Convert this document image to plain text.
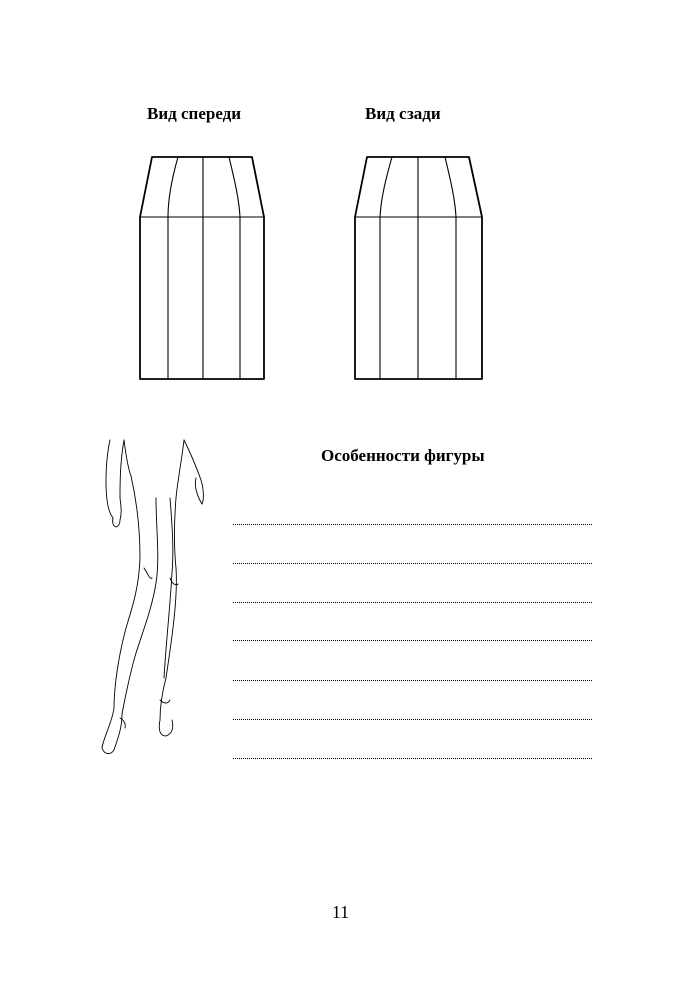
Вид спереди	Вид сзади
Особенности фигуры
11
